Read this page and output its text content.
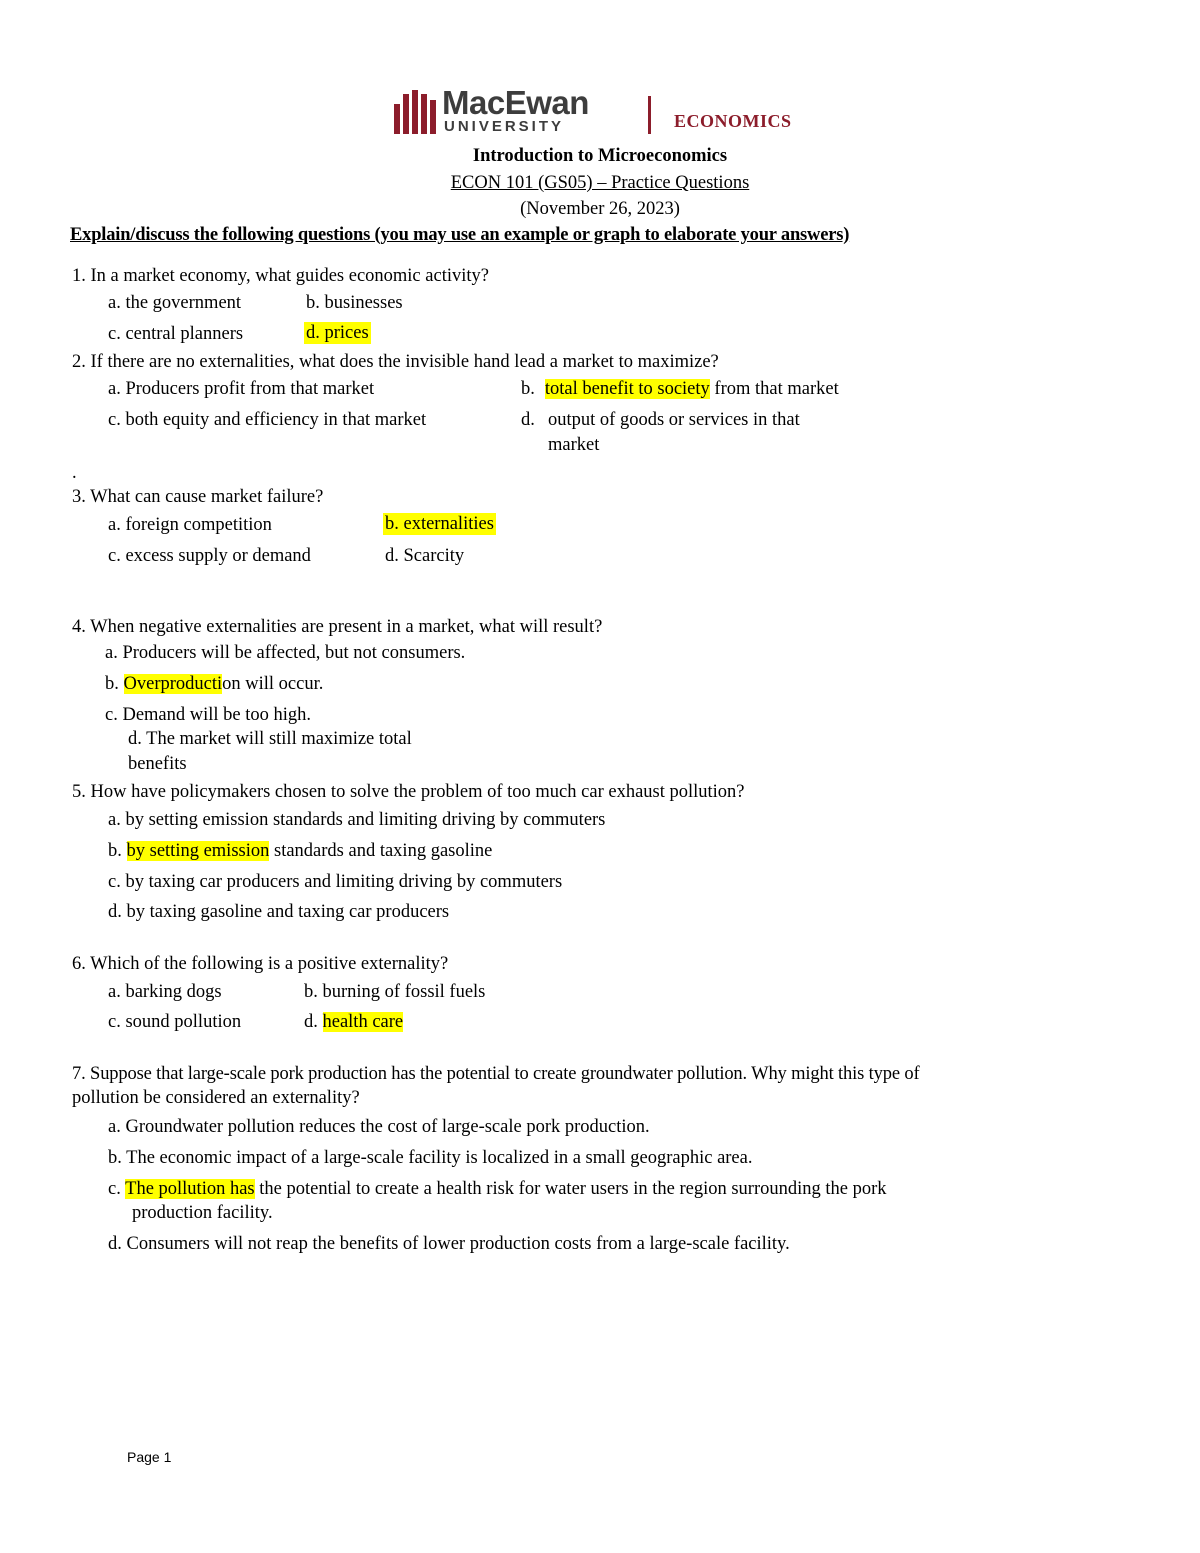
MacEwan
UNIVERSITY	ECONOMICS
Introduction to Microeconomics
ECON 101 (GS05) – Practice Questions
(November 26, 2023)
Explain/discuss the following questions (you may use an example or graph to elaborate your answers)
1. In a market economy, what guides economic activity?
a. the government	b. businesses
c. central planners	d. prices
2. If there are no externalities, what does the invisible hand lead a market to maximize?
a. Producers profit from that market	b. total benefit to society from that market
c. both equity and efficiency in that market	d. output of goods or services in that
market
.
3. What can cause market failure?
a. foreign competition	b. externalities
c. excess supply or demand	d. Scarcity
4. When negative externalities are present in a market, what will result?
a. Producers will be affected, but not consumers.
b. Overproduction will occur.
c. Demand will be too high.
d. The market will still maximize total
benefits
5. How have policymakers chosen to solve the problem of too much car exhaust pollution?
a. by setting emission standards and limiting driving by commuters
b. by setting emission standards and taxing gasoline
c. by taxing car producers and limiting driving by commuters
d. by taxing gasoline and taxing car producers
6. Which of the following is a positive externality?
a. barking dogs	b. burning of fossil fuels
c. sound pollution	d. health care
7. Suppose that large-scale pork production has the potential to create groundwater pollution. Why might this type of
pollution be considered an externality?
a. Groundwater pollution reduces the cost of large-scale pork production.
b. The economic impact of a large-scale facility is localized in a small geographic area.
c. The pollution has the potential to create a health risk for water users in the region surrounding the pork
production facility.
d. Consumers will not reap the benefits of lower production costs from a large-scale facility.
Page 1
